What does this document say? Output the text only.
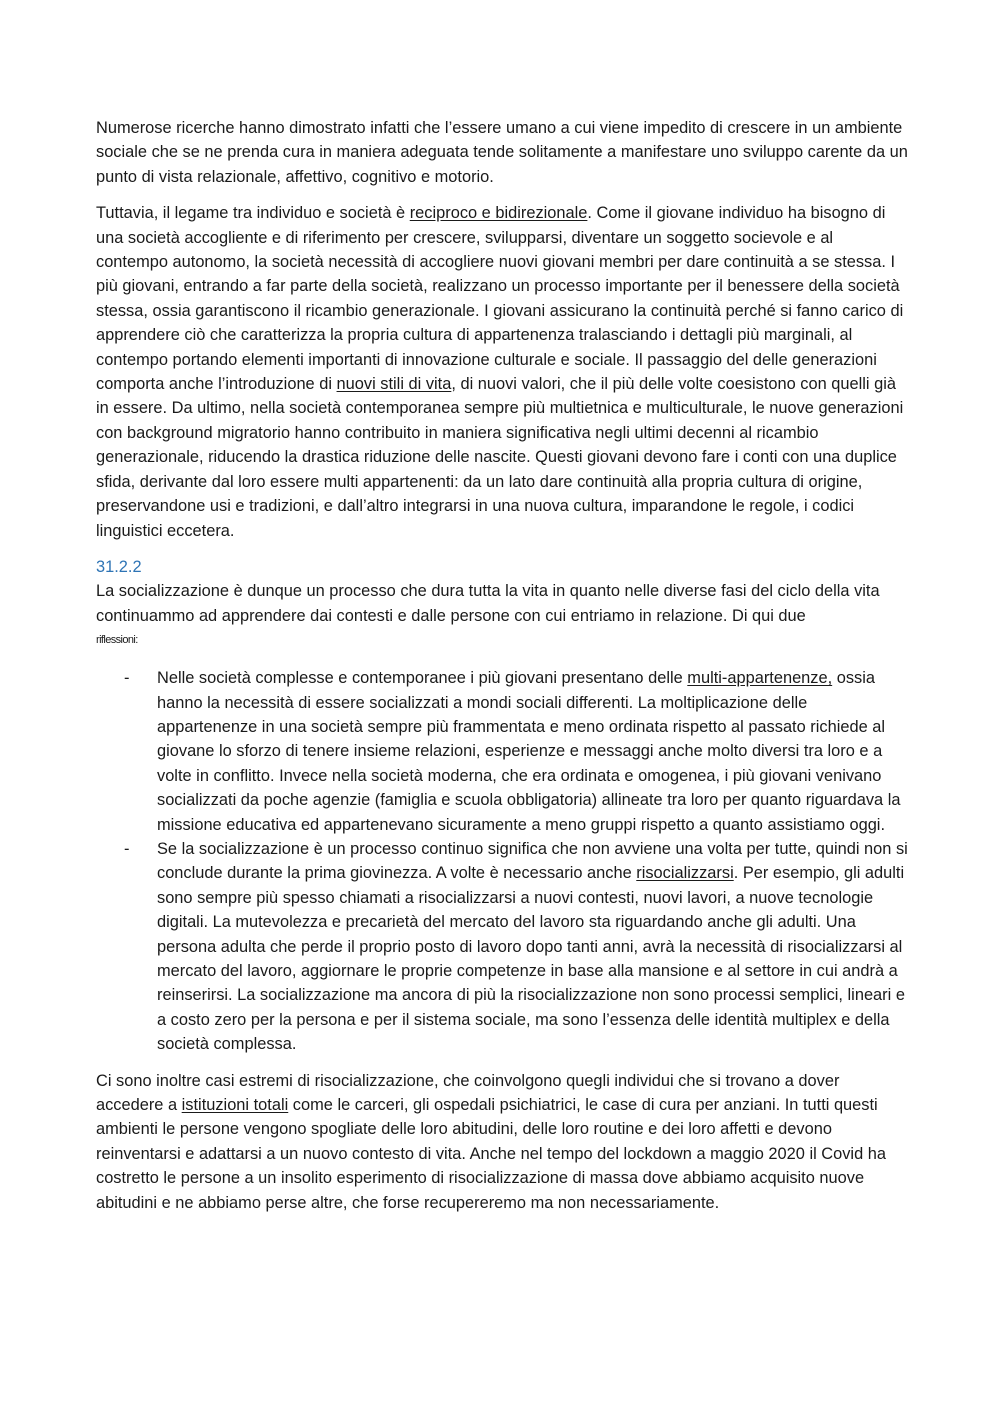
Numerose ricerche hanno dimostrato infatti che l’essere umano a cui viene impedito di crescere in un ambiente sociale che se ne prenda cura in maniera adeguata tende solitamente a manifestare uno sviluppo carente da un punto di vista relazionale, affettivo, cognitivo e motorio.

Tuttavia, il legame tra individuo e società è reciproco e bidirezionale. Come il giovane individuo ha bisogno di una società accogliente e di riferimento per crescere, svilupparsi, diventare un soggetto socievole e al contempo autonomo, la società necessità di accogliere nuovi giovani membri per dare continuità a se stessa. I più giovani, entrando a far parte della società, realizzano un processo importante per il benessere della società stessa, ossia garantiscono il ricambio generazionale. I giovani assicurano la continuità perché si fanno carico di apprendere ciò che caratterizza la propria cultura di appartenenza tralasciando i dettagli più marginali, al contempo portando elementi importanti di innovazione culturale e sociale. Il passaggio del delle generazioni comporta anche l’introduzione di nuovi stili di vita, di nuovi valori, che il più delle volte coesistono con quelli già in essere. Da ultimo, nella società contemporanea sempre più multietnica e multiculturale, le nuove generazioni con background migratorio hanno contribuito in maniera significativa negli ultimi decenni al ricambio generazionale, riducendo la drastica riduzione delle nascite. Questi giovani devono fare i conti con una duplice sfida, derivante dal loro essere multi appartenenti: da un lato dare continuità alla propria cultura di origine, preservandone usi e tradizioni, e dall’altro integrarsi in una nuova cultura, imparandone le regole, i codici linguistici eccetera.

31.2.2
La socializzazione è dunque un processo che dura tutta la vita in quanto nelle diverse fasi del ciclo della vita continuammo ad apprendere dai contesti e dalle persone con cui entriamo in relazione. Di qui due
riflessioni:
- Nelle società complesse e contemporanee i più giovani presentano delle multi-appartenenze, ossia hanno la necessità di essere socializzati a mondi sociali differenti. La moltiplicazione delle appartenenze in una società sempre più frammentata e meno ordinata rispetto al passato richiede al giovane lo sforzo di tenere insieme relazioni, esperienze e messaggi anche molto diversi tra loro e a volte in conflitto. Invece nella società moderna, che era ordinata e omogenea, i più giovani venivano socializzati da poche agenzie (famiglia e scuola obbligatoria) allineate tra loro per quanto riguardava la missione educativa ed appartenevano sicuramente a meno gruppi rispetto a quanto assistiamo oggi.
- Se la socializzazione è un processo continuo significa che non avviene una volta per tutte, quindi non si conclude durante la prima giovinezza. A volte è necessario anche risocializzarsi. Per esempio, gli adulti sono sempre più spesso chiamati a risocializzarsi a nuovi contesti, nuovi lavori, a nuove tecnologie digitali. La mutevolezza e precarietà del mercato del lavoro sta riguardando anche gli adulti. Una persona adulta che perde il proprio posto di lavoro dopo tanti anni, avrà la necessità di risocializzarsi al mercato del lavoro, aggiornare le proprie competenze in base alla mansione e al settore in cui andrà a reinserirsi. La socializzazione ma ancora di più la risocializzazione non sono processi semplici, lineari e a costo zero per la persona e per il sistema sociale, ma sono l’essenza delle identità multiplex e della società complessa.

Ci sono inoltre casi estremi di risocializzazione, che coinvolgono quegli individui che si trovano a dover accedere a istituzioni totali come le carceri, gli ospedali psichiatrici, le case di cura per anziani. In tutti questi ambienti le persone vengono spogliate delle loro abitudini, delle loro routine e dei loro affetti e devono reinventarsi e adattarsi a un nuovo contesto di vita. Anche nel tempo del lockdown a maggio 2020 il Covid ha costretto le persone a un insolito esperimento di risocializzazione di massa dove abbiamo acquisito nuove abitudini e ne abbiamo perse altre, che forse recupereremo ma non necessariamente.
